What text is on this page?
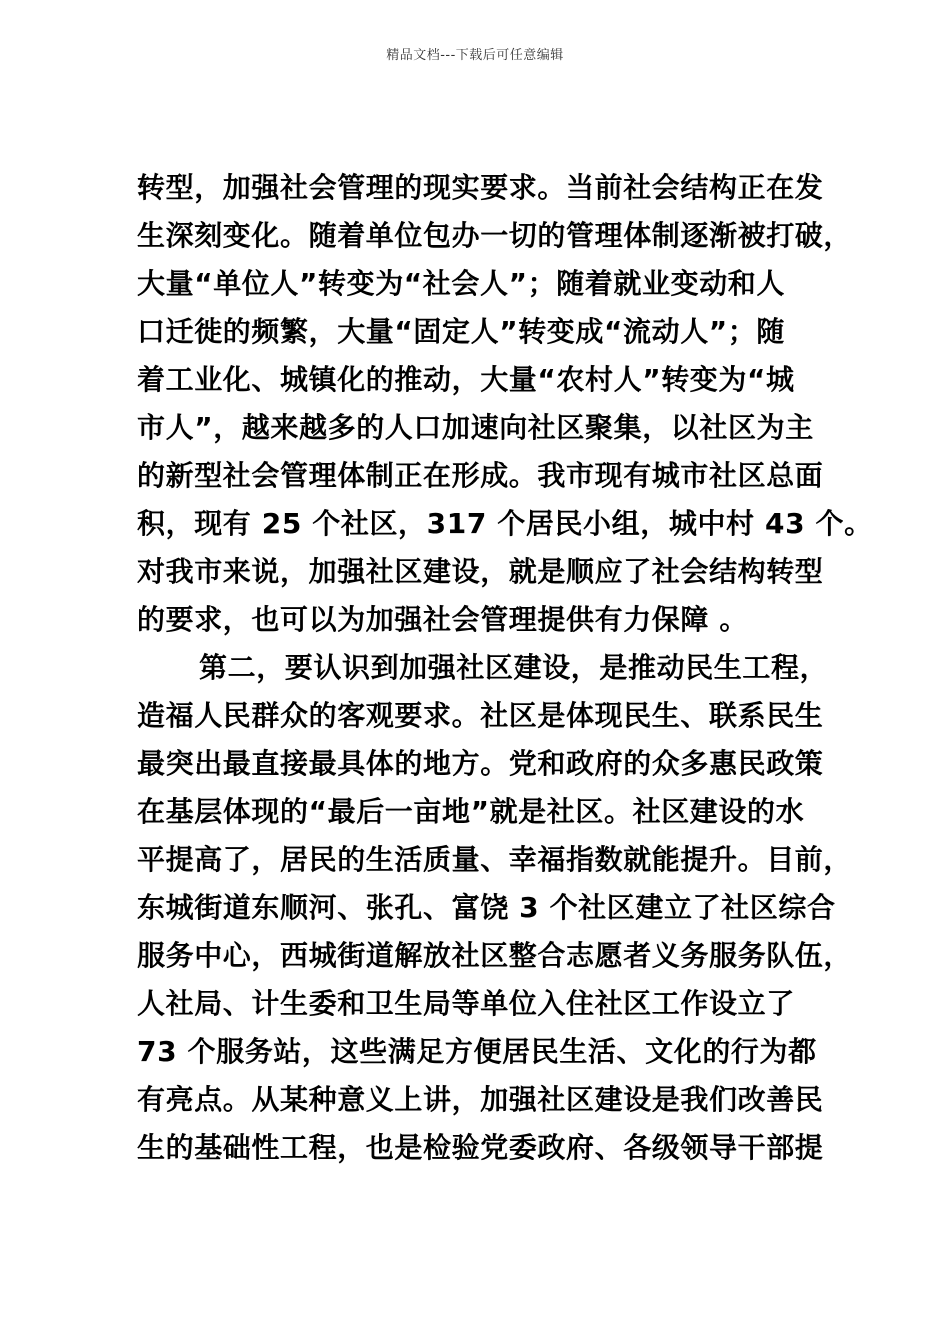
精品文档---下载后可任意编辑
转型，加强社会管理的现实要求。当前社会结构正在发
生深刻变化。随着单位包办一切的管理体制逐渐被打破，
大量“单位人”转变为“社会人”；随着就业变动和人
口迁徙的频繁，大量“固定人”转变成“流动人”；随
着工业化、城镇化的推动，大量“农村人”转变为“城
市人”，越来越多的人口加速向社区聚集，以社区为主
的新型社会管理体制正在形成。我市现有城市社区总面
积，现有 25 个社区，317 个居民小组，城中村 43 个。
对我市来说，加强社区建设，就是顺应了社会结构转型
的要求，也可以为加强社会管理提供有力保障 。
第二，要认识到加强社区建设，是推动民生工程，
造福人民群众的客观要求。社区是体现民生、联系民生
最突出最直接最具体的地方。党和政府的众多惠民政策
在基层体现的“最后一亩地”就是社区。社区建设的水
平提高了，居民的生活质量、幸福指数就能提升。目前，
东城街道东顺河、张孔、富饶 3 个社区建立了社区综合
服务中心，西城街道解放社区整合志愿者义务服务队伍，
人社局、计生委和卫生局等单位入住社区工作设立了
73 个服务站，这些满足方便居民生活、文化的行为都
有亮点。从某种意义上讲，加强社区建设是我们改善民
生的基础性工程，也是检验党委政府、各级领导干部提
